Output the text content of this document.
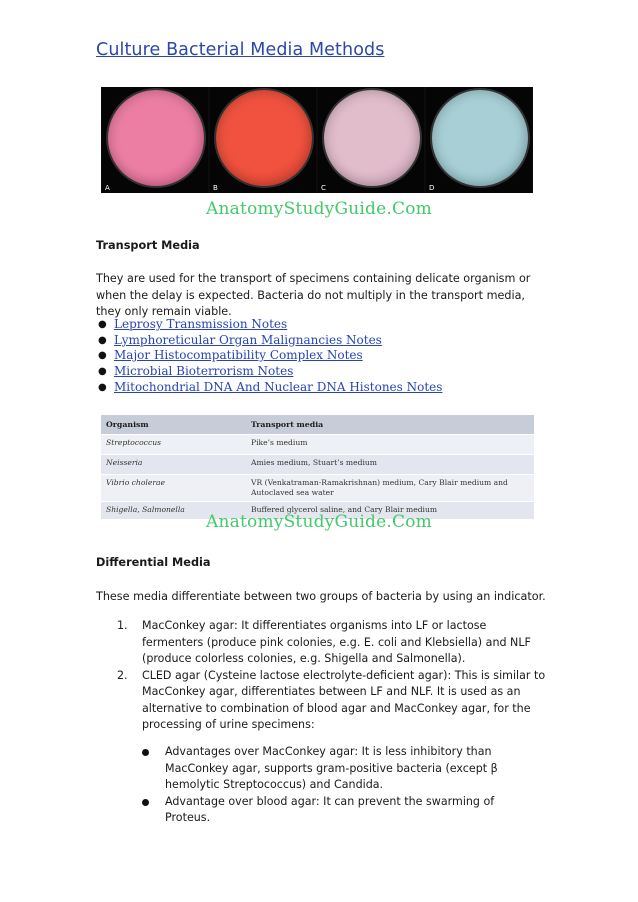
Culture Bacterial Media Methods
A	B	C	D
AnatomyStudyGuide.Com
Transport Media
They are used for the transport of specimens containing delicate organism or when the delay is expected. Bacteria do not multiply in the transport media, they only remain viable.
● Leprosy Transmission Notes
● Lymphoreticular Organ Malignancies Notes
● Major Histocompatibility Complex Notes
● Microbial Bioterrorism Notes
● Mitochondrial DNA And Nuclear DNA Histones Notes
Organism	Transport media
Streptococcus	Pike’s medium
Neisseria	Amies medium, Stuart’s medium
Vibrio cholerae	VR (Venkatraman-Ramakrishnan) medium, Cary Blair medium and Autoclaved sea water
Shigella, Salmonella	Buffered glycerol saline, and Cary Blair medium
AnatomyStudyGuide.Com
Differential Media
These media differentiate between two groups of bacteria by using an indicator.
1. MacConkey agar: It differentiates organisms into LF or lactose fermenters (produce pink colonies, e.g. E. coli and Klebsiella) and NLF (produce colorless colonies, e.g. Shigella and Salmonella).
2. CLED agar (Cysteine lactose electrolyte-deficient agar): This is similar to MacConkey agar, differentiates between LF and NLF. It is used as an alternative to combination of blood agar and MacConkey agar, for the processing of urine specimens:
Advantages over MacConkey agar: It is less inhibitory than MacConkey agar, supports gram-positive bacteria (except β hemolytic Streptococcus) and Candida.
Advantage over blood agar: It can prevent the swarming of Proteus.
